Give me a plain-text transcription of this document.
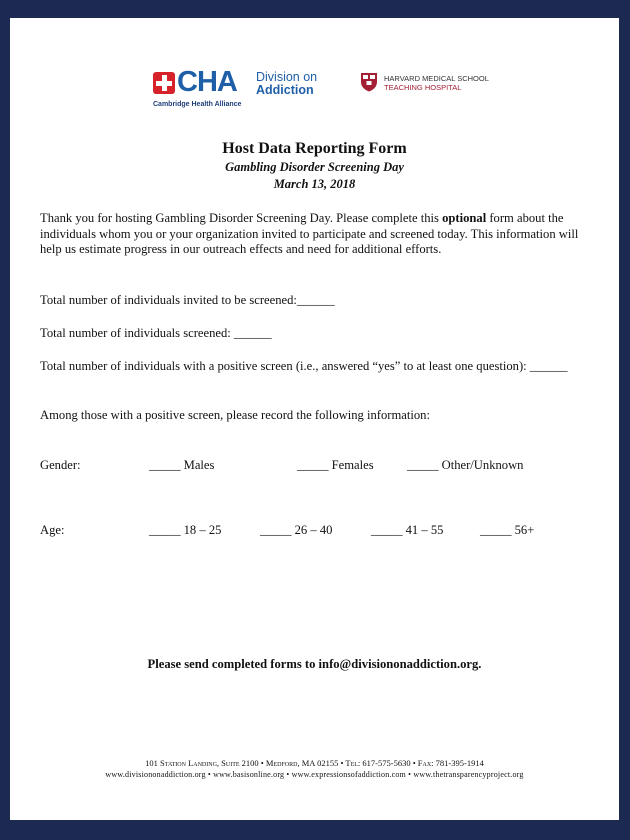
CHA Division on
Addiction
Cambridge Health Alliance
HARVARD MEDICAL SCHOOL
TEACHING HOSPITAL
Host Data Reporting Form
Gambling Disorder Screening Day
March 13, 2018
Thank you for hosting Gambling Disorder Screening Day. Please complete this optional form about the individuals whom you or your organization invited to participate and screened today. This information will help us estimate progress in our outreach effects and need for additional efforts.
Total number of individuals invited to be screened:______
Total number of individuals screened: ______
Total number of individuals with a positive screen (i.e., answered “yes” to at least one question): ______
Among those with a positive screen, please record the following information:
Gender:	_____ Males	_____ Females	_____ Other/Unknown
Age:	_____ 18 – 25	_____ 26 – 40	_____ 41 – 55	_____ 56+
Please send completed forms to info@divisiononaddiction.org.
101 Station Landing, Suite 2100 • Medford, MA 02155 • Tel: 617-575-5630 • Fax: 781-395-1914
www.divisiononaddiction.org • www.basisonline.org • www.expressionsofaddiction.com • www.thetransparencyproject.org
